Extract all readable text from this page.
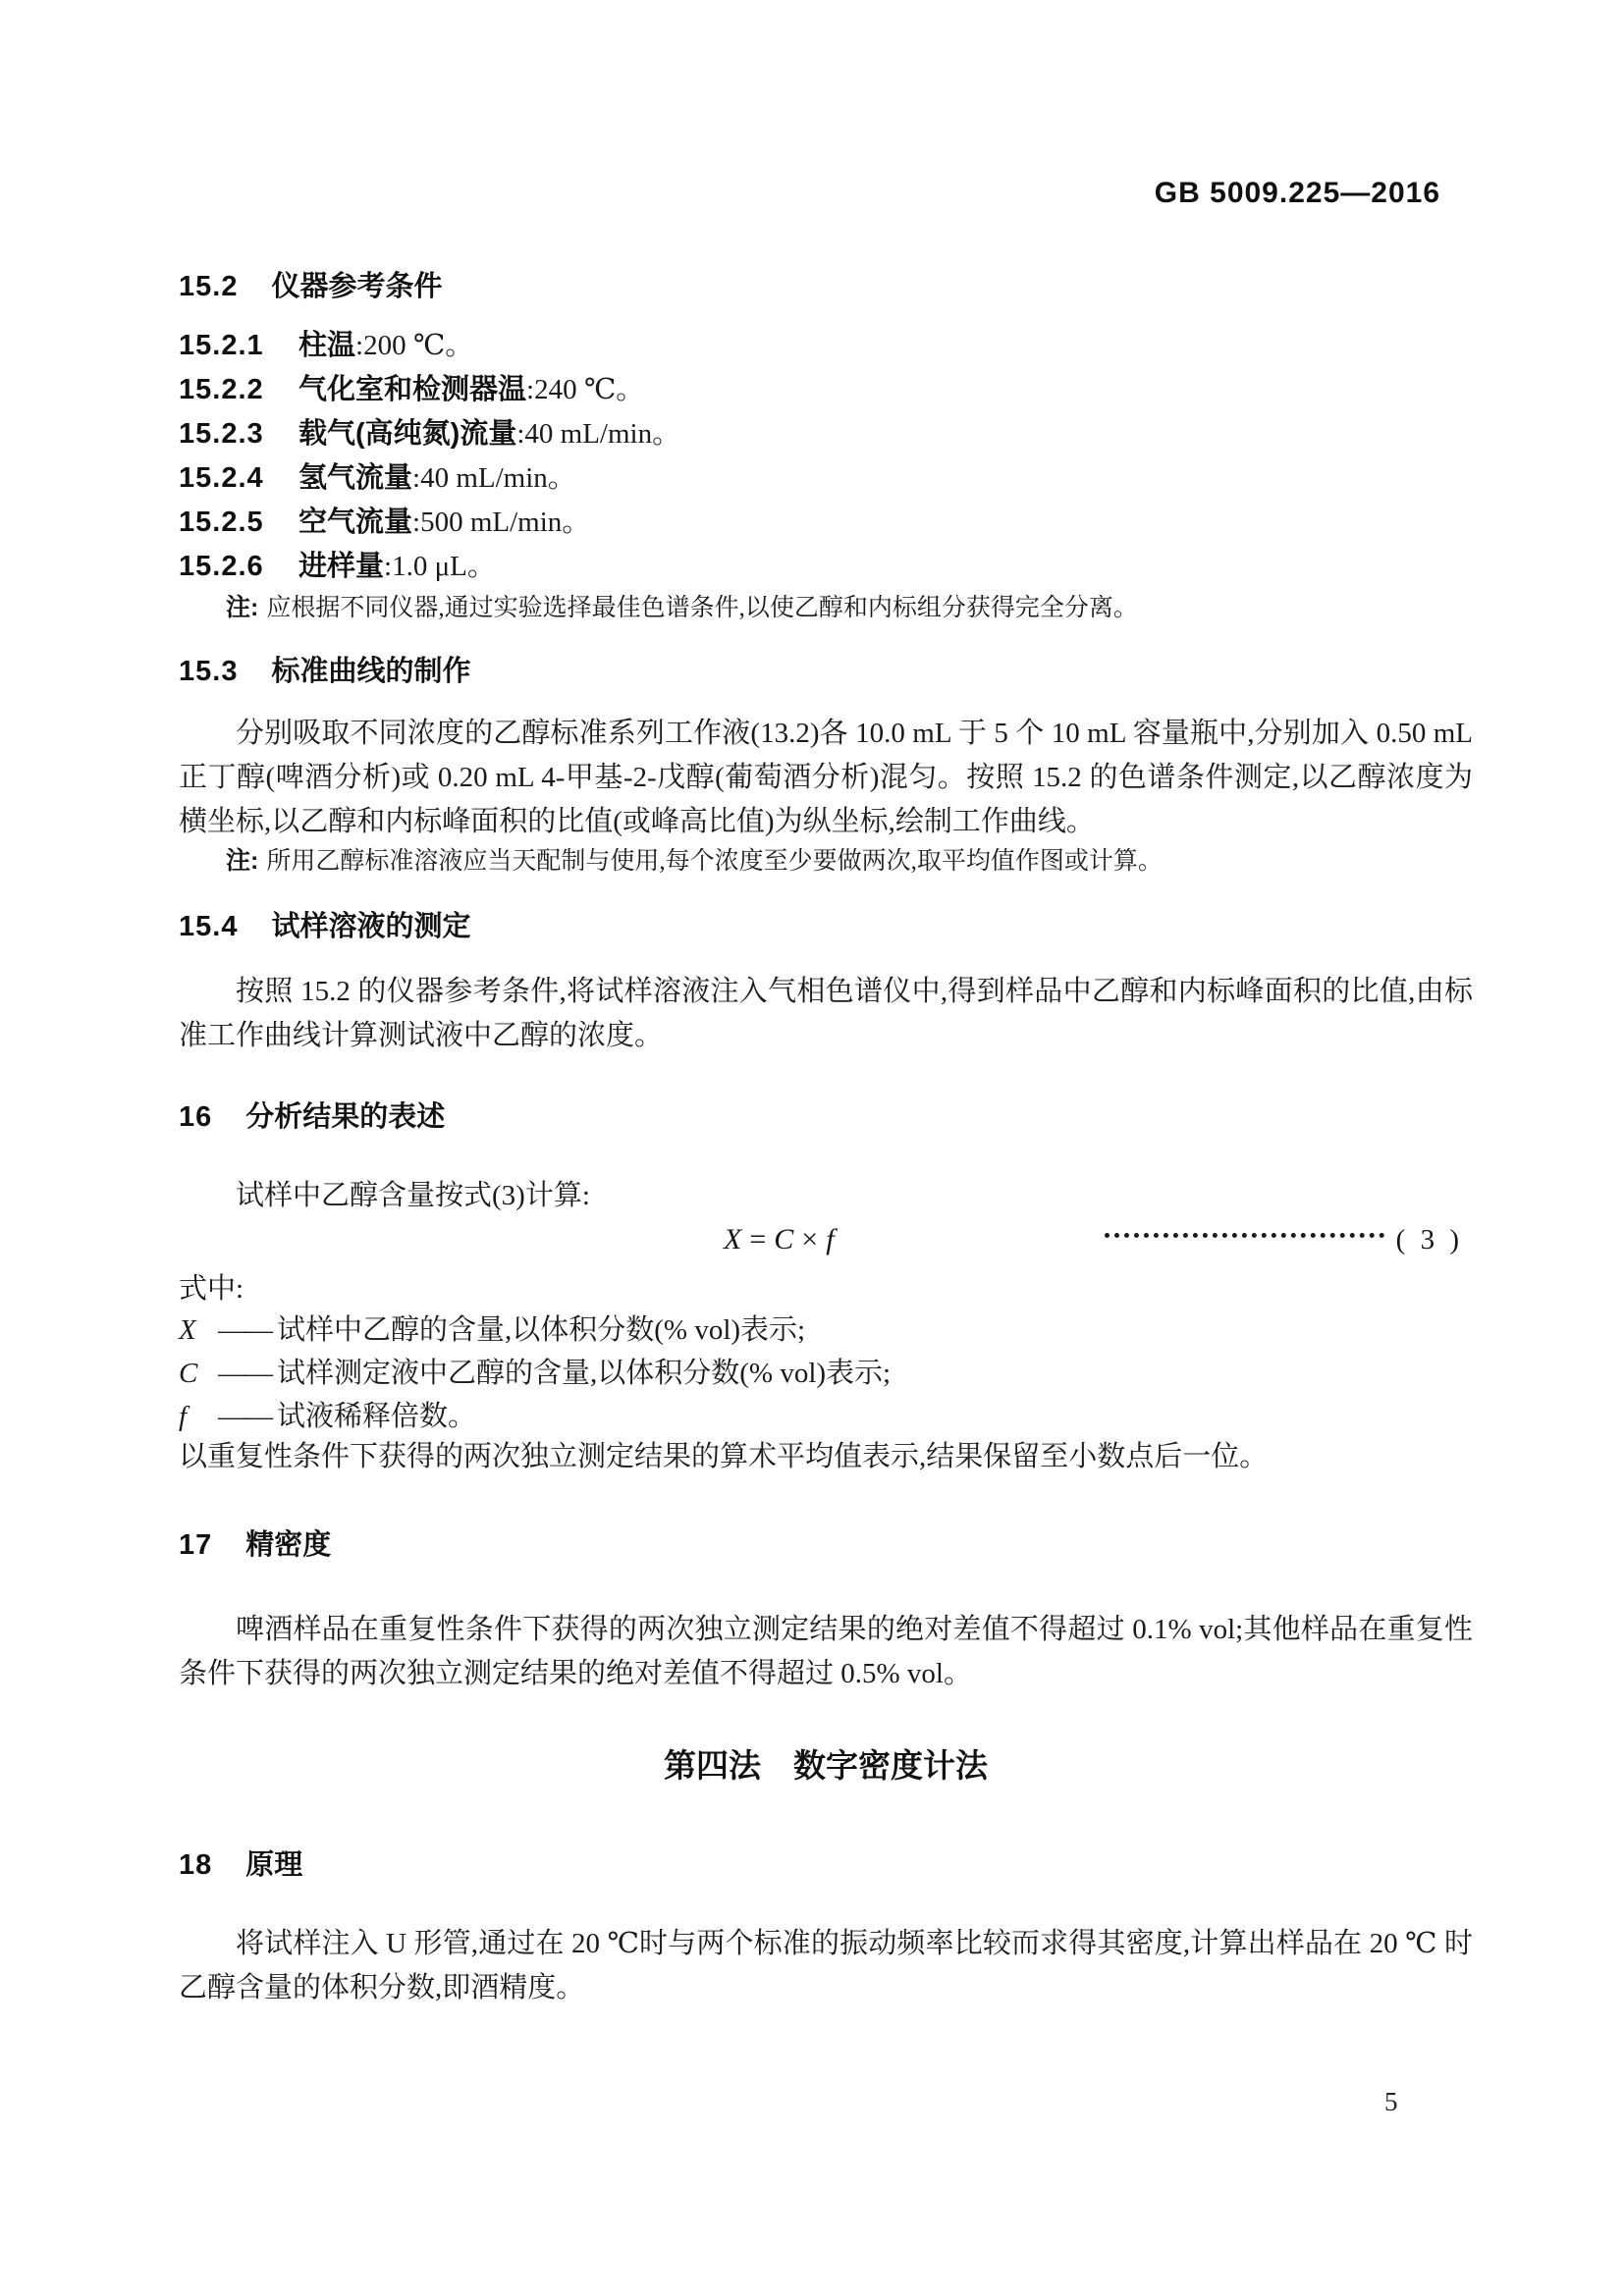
GB 5009.225—2016
15.2 仪器参考条件
15.2.1 柱温:200 ℃。
15.2.2 气化室和检测器温:240 ℃。
15.2.3 载气(高纯氮)流量:40 mL/min。
15.2.4 氢气流量:40 mL/min。
15.2.5 空气流量:500 mL/min。
15.2.6 进样量:1.0 μL。
注: 应根据不同仪器,通过实验选择最佳色谱条件,以使乙醇和内标组分获得完全分离。
15.3 标准曲线的制作
分别吸取不同浓度的乙醇标准系列工作液(13.2)各 10.0 mL 于 5 个 10 mL 容量瓶中,分别加入 0.50 mL 正丁醇(啤酒分析)或 0.20 mL 4-甲基-2-戊醇(葡萄酒分析)混匀。按照 15.2 的色谱条件测定,以乙醇浓度为横坐标,以乙醇和内标峰面积的比值(或峰高比值)为纵坐标,绘制工作曲线。
注: 所用乙醇标准溶液应当天配制与使用,每个浓度至少要做两次,取平均值作图或计算。
15.4 试样溶液的测定
按照 15.2 的仪器参考条件,将试样溶液注入气相色谱仪中,得到样品中乙醇和内标峰面积的比值,由标准工作曲线计算测试液中乙醇的浓度。
16 分析结果的表述
试样中乙醇含量按式(3)计算:
X = C × f	( 3 )
式中:
X —— 试样中乙醇的含量,以体积分数(% vol)表示;
C —— 试样测定液中乙醇的含量,以体积分数(% vol)表示;
f —— 试液稀释倍数。
以重复性条件下获得的两次独立测定结果的算术平均值表示,结果保留至小数点后一位。
17 精密度
啤酒样品在重复性条件下获得的两次独立测定结果的绝对差值不得超过 0.1% vol;其他样品在重复性条件下获得的两次独立测定结果的绝对差值不得超过 0.5% vol。
第四法　数字密度计法
18 原理
将试样注入 U 形管,通过在 20 ℃时与两个标准的振动频率比较而求得其密度,计算出样品在 20 ℃ 时乙醇含量的体积分数,即酒精度。
5
